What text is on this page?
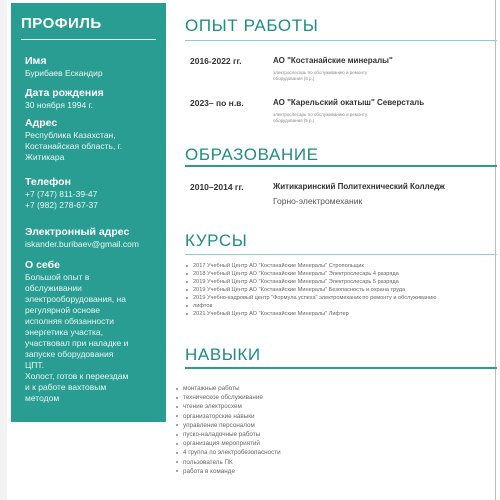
ПРОФИЛЬ
Имя
Бурибаев Ескандир
Дата рождения
30 ноября 1994 г.
Адрес
Республика Казахстан,
Костанайская область, г.
Житикара
Телефон
+7 (747) 811-39-47
+7 (982) 278-67-37
Электронный адрес
iskander.buribaev@gmail.com
О себе
Большой опыт в
обслуживании
электрооборудования, на
регулярной основе
исполняя обязанности
энергетика участка,
участвовал при наладке и
запуске оборудования
ЦПТ.
Холост, готов к переездам
и к работе вахтовым
методом
ОПЫТ РАБОТЫ
2016-2022 гг.	АО "Костанайские минералы"
электрослесарь по обслуживанию и ремонту
оборудования (5 р.)
2023– по н.в.	АО "Карельский окатыш" Северсталь
электрослесарь по обслуживанию и ремонту
оборудования (5 р.)
ОБРАЗОВАНИЕ
2010–2014 гг.	Житикаринский Политехнический Колледж
Горно-электромеханик
КУРСЫ
2017 Учебный Центр АО "Костанайские Минералы" Стропольщик
2018 Учебный Центр АО "Костанайские Минералы" Электрослесарь 4 разряда
2019 Учебный Центр АО "Костанайские Минералы" Электрослесарь 5 разряда
2019 Учебный Центр АО "Костанайские Минералы" Безопасность и охрана труда
2019 Учебно-кадровый центр "Формула успеха" электромеханик по ремонту и обслуживанию
лифтов
2021 Учебный Центр АО "Костанайские Минералы" Лифтер
НАВЫКИ
монтажные работы
техническое обслуживание
чтение электросхем
организаторские навыки
управление персоналом
пуско-наладочные работы
организация мероприятий
4 группа по электробезопасности
пользователь ПК
работа в команде
